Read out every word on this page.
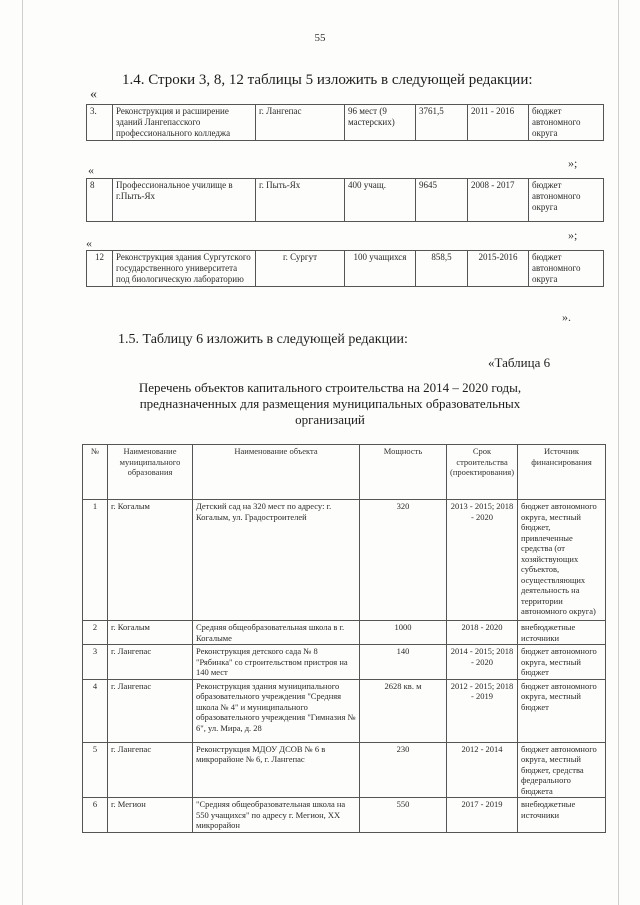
55
1.4. Строки 3, 8, 12 таблицы 5 изложить в следующей редакции:
«
3.	Реконструкция и расширение зданий Лангепасского профессионального колледжа	г. Лангепас	96 мест (9 мастерских)	3761,5	2011 - 2016	бюджет автономного округа
»;
«
8	Профессиональное училище в г.Пыть-Ях	г. Пыть-Ях	400 учащ.	9645	2008 - 2017	бюджет автономного округа
»;
«
12	Реконструкция здания Сургутского государственного университета под биологическую лабораторию	г. Сургут	100 учащихся	858,5	2015-2016	бюджет автономного округа
».
1.5. Таблицу 6 изложить в следующей редакции:
«Таблица 6
Перечень объектов капитального строительства на 2014 – 2020 годы, предназначенных для размещения муниципальных образовательных организаций
№	Наименование муниципального образования	Наименование объекта	Мощность	Срок строительства (проектирования)	Источник финансирования
1	г. Когалым	Детский сад на 320 мест по адресу: г. Когалым, ул. Градостроителей	320	2013 - 2015; 2018 - 2020	бюджет автономного округа, местный бюджет, привлеченные средства (от хозяйствующих субъектов, осуществляющих деятельность на территории автономного округа)
2	г. Когалым	Средняя общеобразовательная школа в г. Когалыме	1000	2018 - 2020	внебюджетные источники
3	г. Лангепас	Реконструкция детского сада № 8 "Рябинка" со строительством пристроя на 140 мест	140	2014 - 2015; 2018 - 2020	бюджет автономного округа, местный бюджет
4	г. Лангепас	Реконструкция здания муниципального образовательного учреждения "Средняя школа № 4" и муниципального образовательного учреждения "Гимназия № 6", ул. Мира, д. 28	2628 кв. м	2012 - 2015; 2018 - 2019	бюджет автономного округа, местный бюджет
5	г. Лангепас	Реконструкция МДОУ ДСОВ № 6 в микрорайоне № 6, г. Лангепас	230	2012 - 2014	бюджет автономного округа, местный бюджет, средства федерального бюджета
6	г. Мегион	"Средняя общеобразовательная школа на 550 учащихся" по адресу г. Мегион, XX микрорайон	550	2017 - 2019	внебюджетные источники
